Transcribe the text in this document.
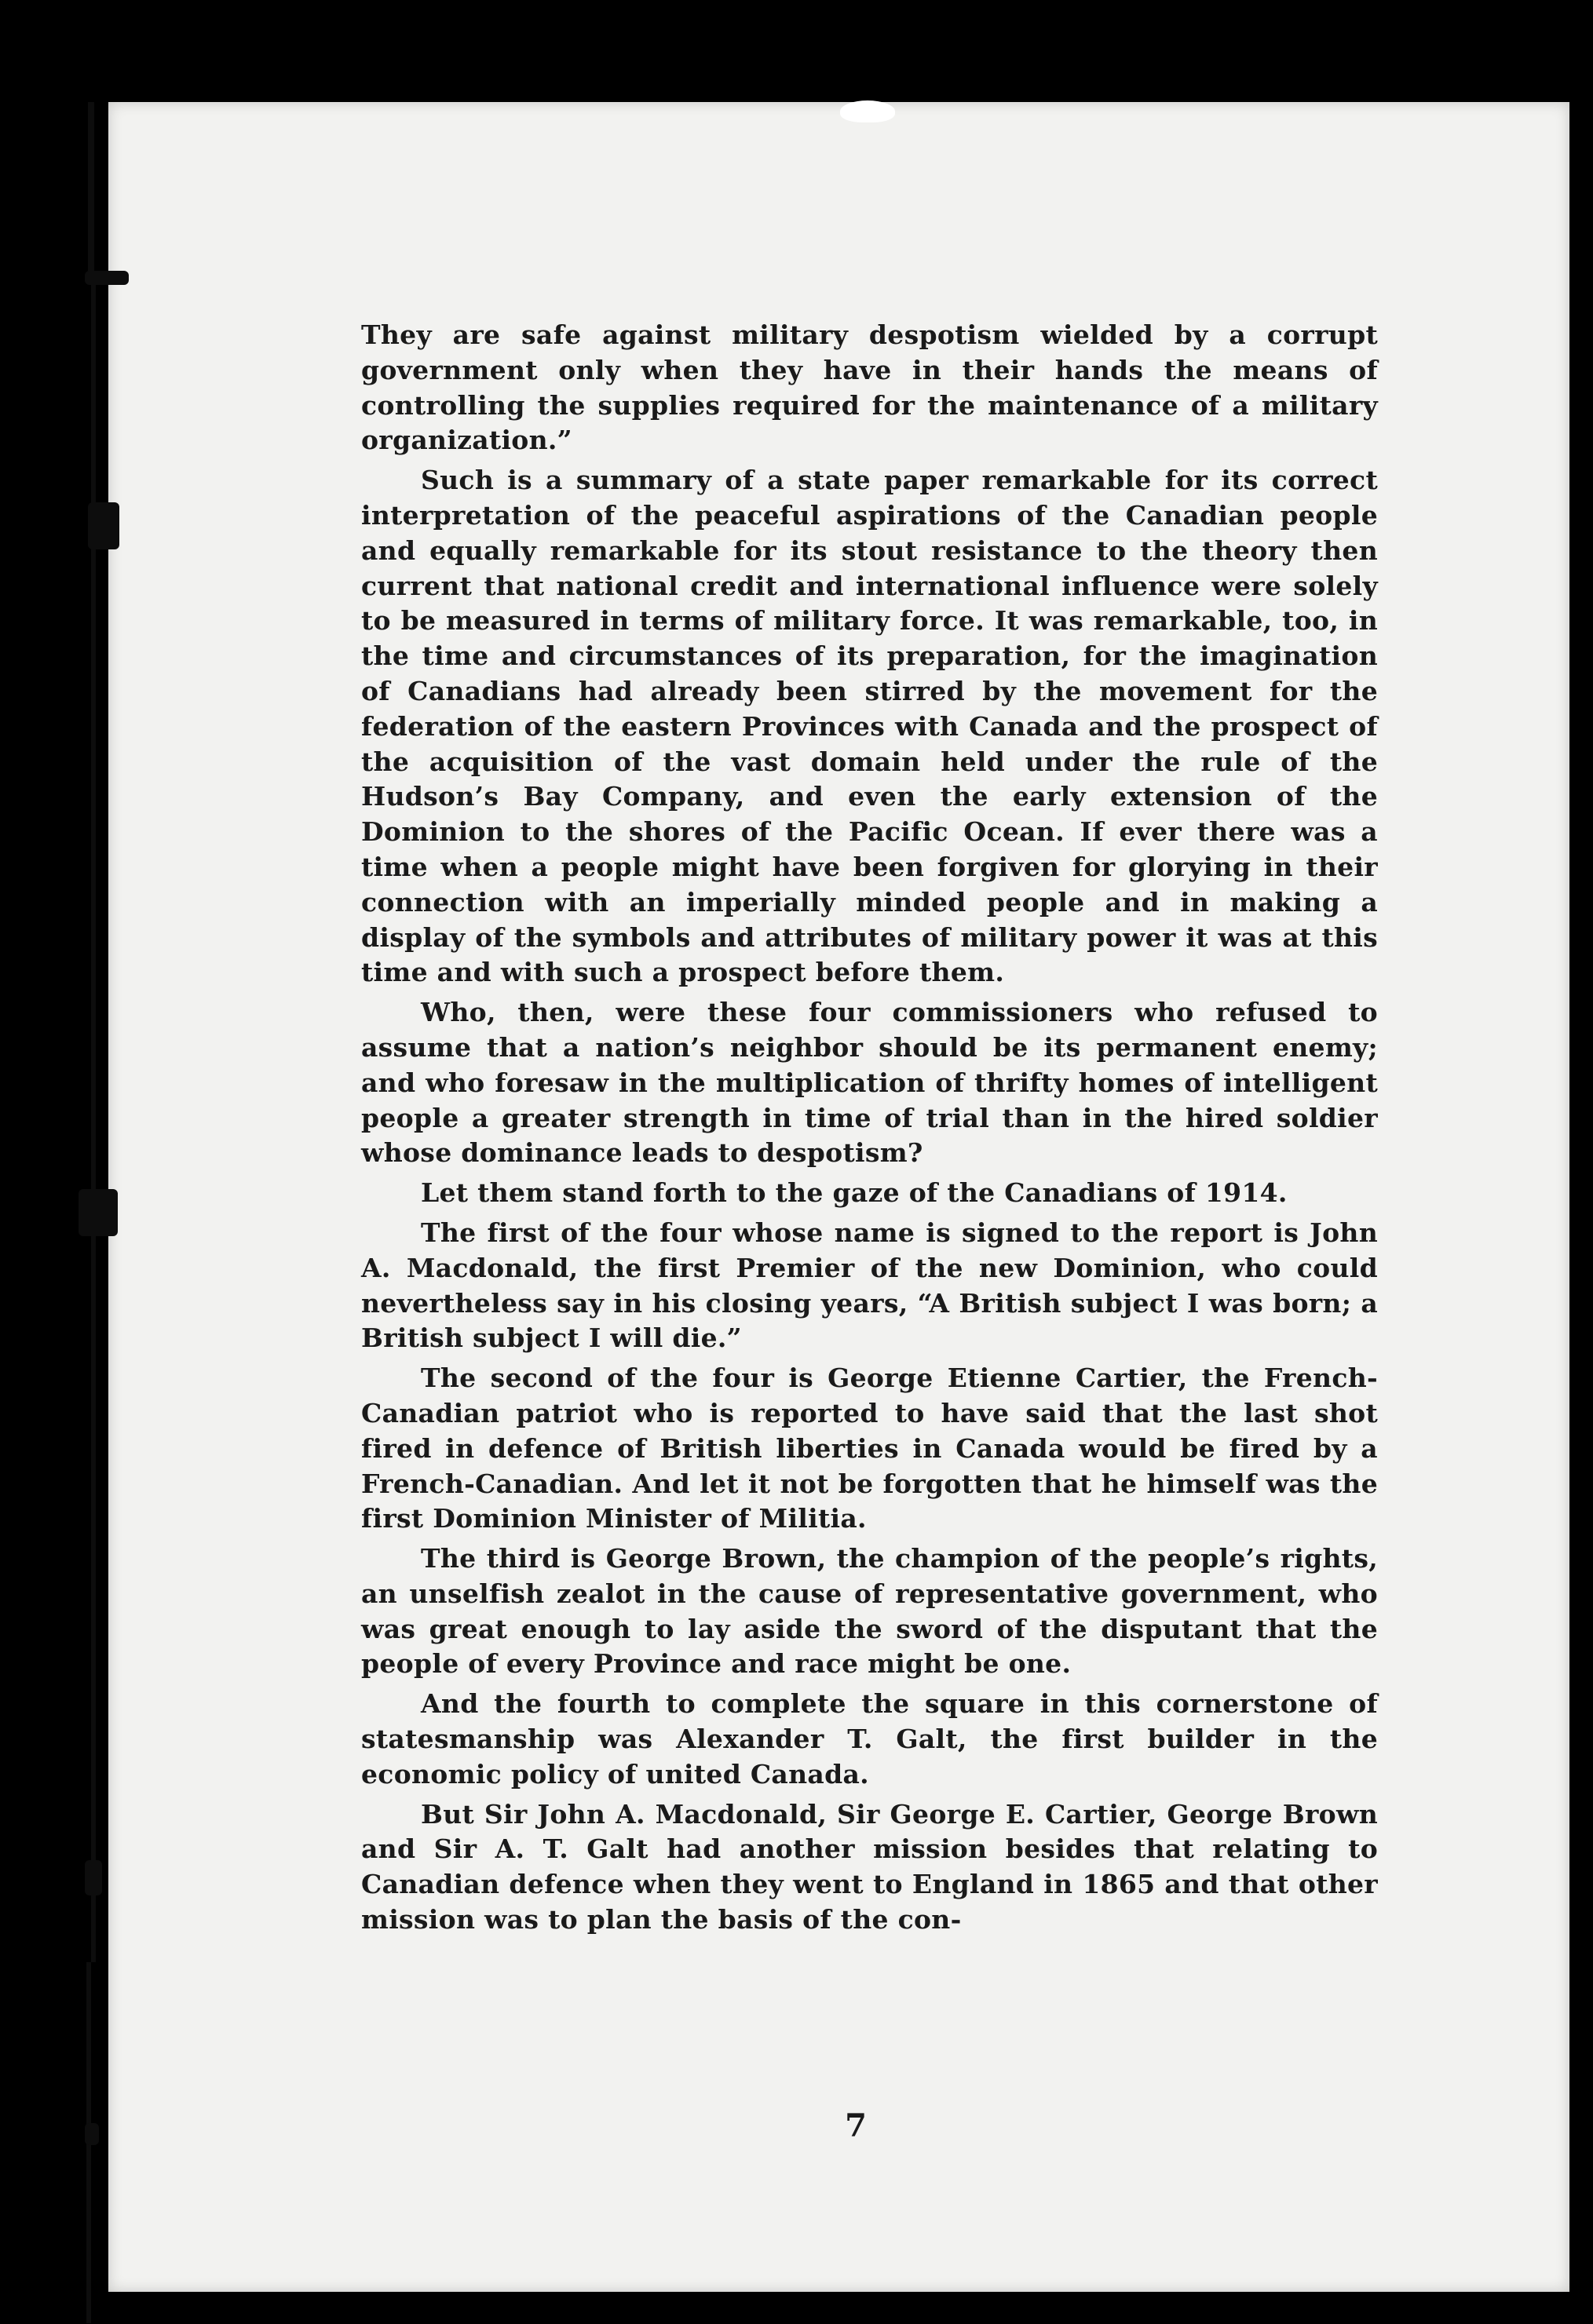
They are safe against military despotism wielded by a corrupt government only when they have in their hands the means of controlling the supplies required for the maintenance of a military organization.”

Such is a summary of a state paper remarkable for its correct interpretation of the peaceful aspirations of the Canadian people and equally remarkable for its stout resistance to the theory then current that national credit and international influence were solely to be measured in terms of military force. It was remarkable, too, in the time and circumstances of its preparation, for the imagination of Canadians had already been stirred by the movement for the federation of the eastern Provinces with Canada and the prospect of the acquisition of the vast domain held under the rule of the Hudson’s Bay Company, and even the early extension of the Dominion to the shores of the Pacific Ocean. If ever there was a time when a people might have been forgiven for glorying in their connection with an imperially minded people and in making a display of the symbols and attributes of military power it was at this time and with such a prospect before them.

Who, then, were these four commissioners who refused to assume that a nation’s neighbor should be its permanent enemy; and who foresaw in the multiplication of thrifty homes of intelligent people a greater strength in time of trial than in the hired soldier whose dominance leads to despotism?

Let them stand forth to the gaze of the Canadians of 1914.

The first of the four whose name is signed to the report is John A. Macdonald, the first Premier of the new Dominion, who could nevertheless say in his closing years, “A British subject I was born; a British subject I will die.”

The second of the four is George Etienne Cartier, the French-Canadian patriot who is reported to have said that the last shot fired in defence of British liberties in Canada would be fired by a French-Canadian. And let it not be forgotten that he himself was the first Dominion Minister of Militia.

The third is George Brown, the champion of the people’s rights, an unselfish zealot in the cause of representative government, who was great enough to lay aside the sword of the disputant that the people of every Province and race might be one.

And the fourth to complete the square in this cornerstone of statesmanship was Alexander T. Galt, the first builder in the economic policy of united Canada.

But Sir John A. Macdonald, Sir George E. Cartier, George Brown and Sir A. T. Galt had another mission besides that relating to Canadian defence when they went to England in 1865 and that other mission was to plan the basis of the con-

7
